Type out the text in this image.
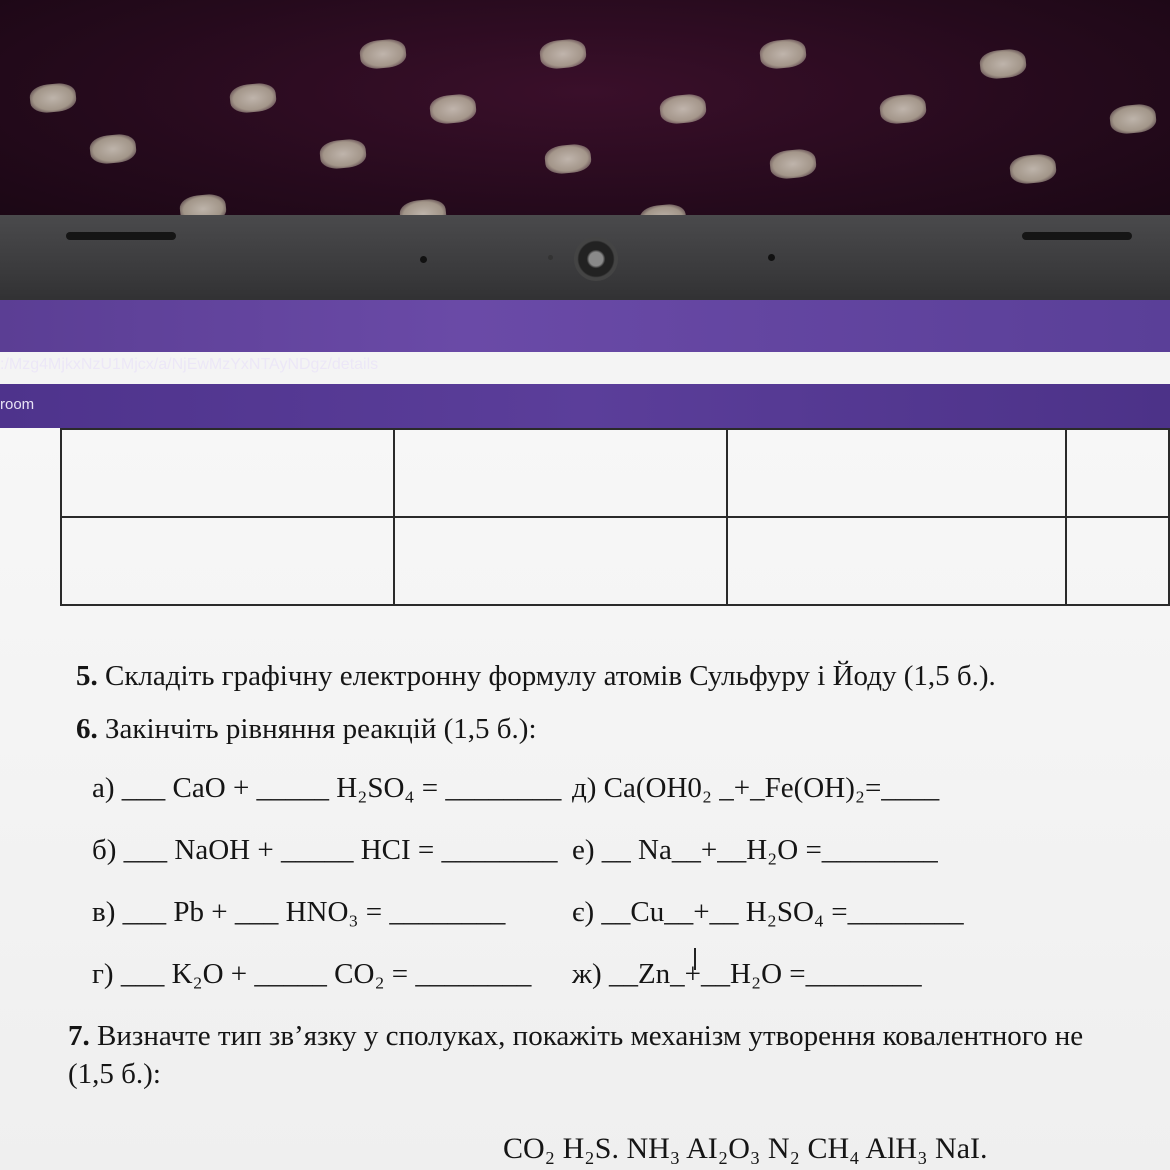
:/Mzg4MjkxNzU1Mjcx/a/NjEwMzYxNTAyNDgz/details
room

5. Складіть графічну електронну формулу атомів Сульфуру і Йоду (1,5 б.).
6. Закінчіть рівняння реакцій (1,5 б.):
а) ___ CaO + _____ H₂SO₄ = ________
б) ___ NaOH + _____ HCI = ________
в) ___ Pb + ___ HNO₃ = ________
г) ___ K₂O + _____ CO₂ = ________
д) Ca(OH0₂ _+_Fe(OH)₂=____
е) __ Na__+__H₂O =________
є) __Cu__+__ H₂SO₄ =________
ж) __Zn_+__H₂O =________
7. Визначте тип зв’язку у сполуках, покажіть механізм утворення ковалентного не
(1,5 б.):
CO₂ H₂S. NH₃ AI₂O₃ N₂ CH₄ AlH₃ NaI.
